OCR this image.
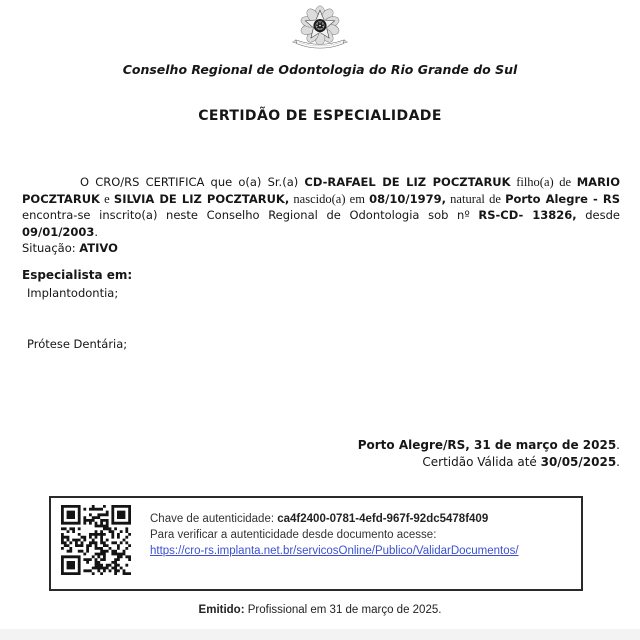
Conselho Regional de Odontologia do Rio Grande do Sul
CERTIDÃO DE ESPECIALIDADE
O CRO/RS CERTIFICA que o(a) Sr.(a) CD-RAFAEL DE LIZ POCZTARUK filho(a) de MARIO POCZTARUK e SILVIA DE LIZ POCZTARUK, nascido(a) em 08/10/1979, natural de Porto Alegre - RS encontra-se inscrito(a) neste Conselho Regional de Odontologia sob nº RS-CD- 13826, desde 09/01/2003.
Situação: ATIVO
Especialista em:
Implantodontia;
Prótese Dentária;
Porto Alegre/RS, 31 de março de 2025.
Certidão Válida até 30/05/2025.
Chave de autenticidade: ca4f2400-0781-4efd-967f-92dc5478f409
Para verificar a autenticidade desde documento acesse:
https://cro-rs.implanta.net.br/servicosOnline/Publico/ValidarDocumentos/
Emitido: Profissional em 31 de março de 2025.
